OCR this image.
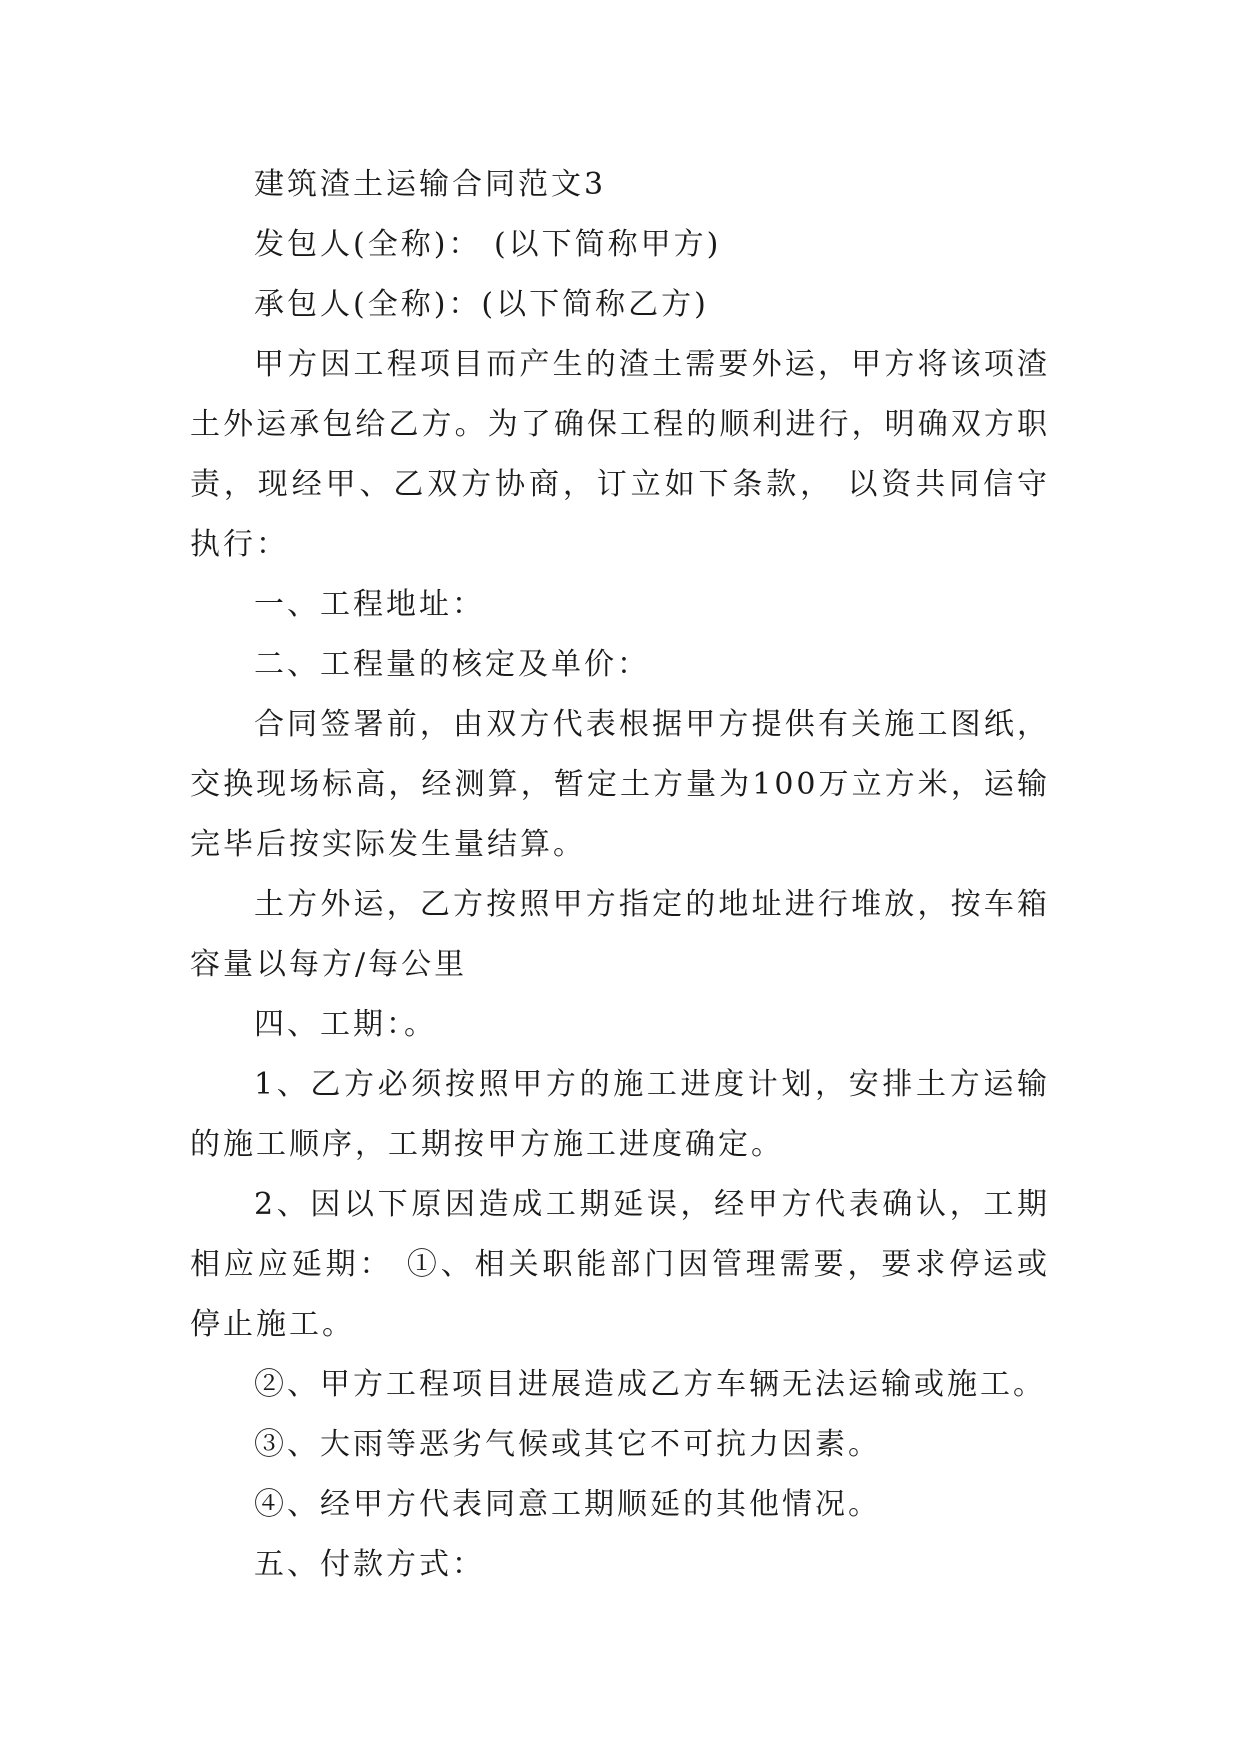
建筑渣土运输合同范文3

发包人(全称)： (以下简称甲方)

承包人(全称)：(以下简称乙方)

甲方因工程项目而产生的渣土需要外运，甲方将该项渣土外运承包给乙方。为了确保工程的顺利进行，明确双方职责，现经甲、乙双方协商，订立如下条款， 以资共同信守执行：

一、工程地址：

二、工程量的核定及单价：

合同签署前，由双方代表根据甲方提供有关施工图纸，交换现场标高，经测算，暂定土方量为100万立方米，运输完毕后按实际发生量结算。

土方外运，乙方按照甲方指定的地址进行堆放，按车箱容量以每方/每公里

四、工期：。

1、乙方必须按照甲方的施工进度计划，安排土方运输的施工顺序，工期按甲方施工进度确定。

2、因以下原因造成工期延误，经甲方代表确认，工期相应应延期： ①、相关职能部门因管理需要，要求停运或停止施工。

②、甲方工程项目进展造成乙方车辆无法运输或施工。

③、大雨等恶劣气候或其它不可抗力因素。

④、经甲方代表同意工期顺延的其他情况。

五、付款方式：
